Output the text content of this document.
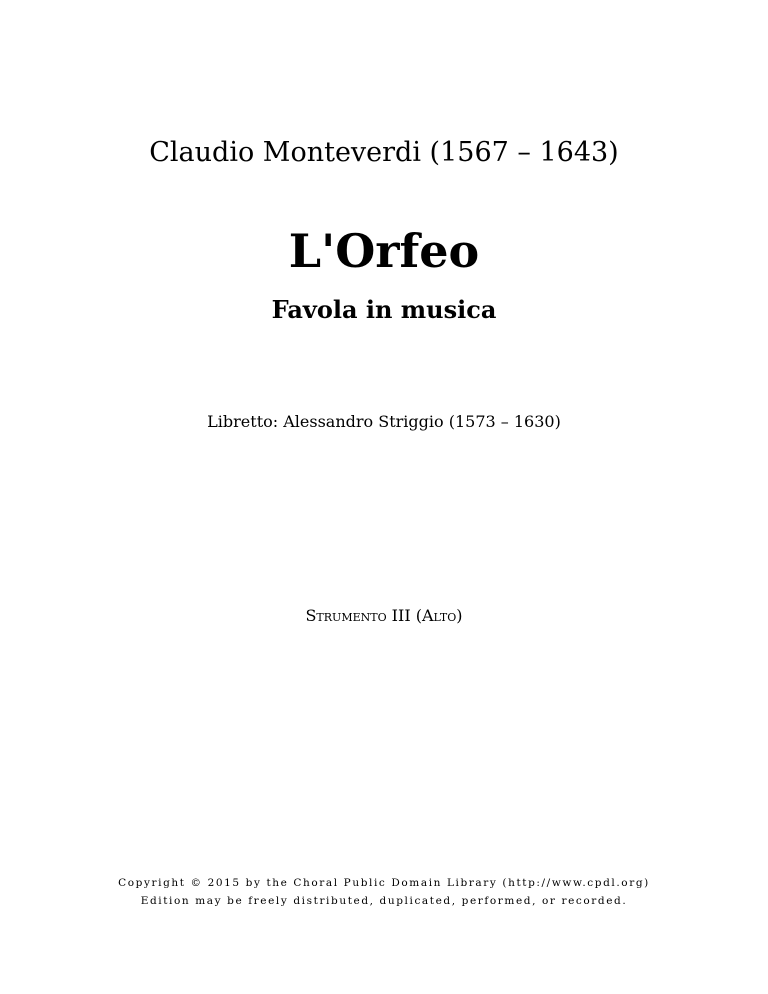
Claudio Monteverdi (1567 – 1643)
L'Orfeo
Favola in musica
Libretto: Alessandro Striggio (1573 – 1630)
Strumento III (Alto)
Copyright © 2015 by the Choral Public Domain Library (http://www.cpdl.org)
Edition may be freely distributed, duplicated, performed, or recorded.
